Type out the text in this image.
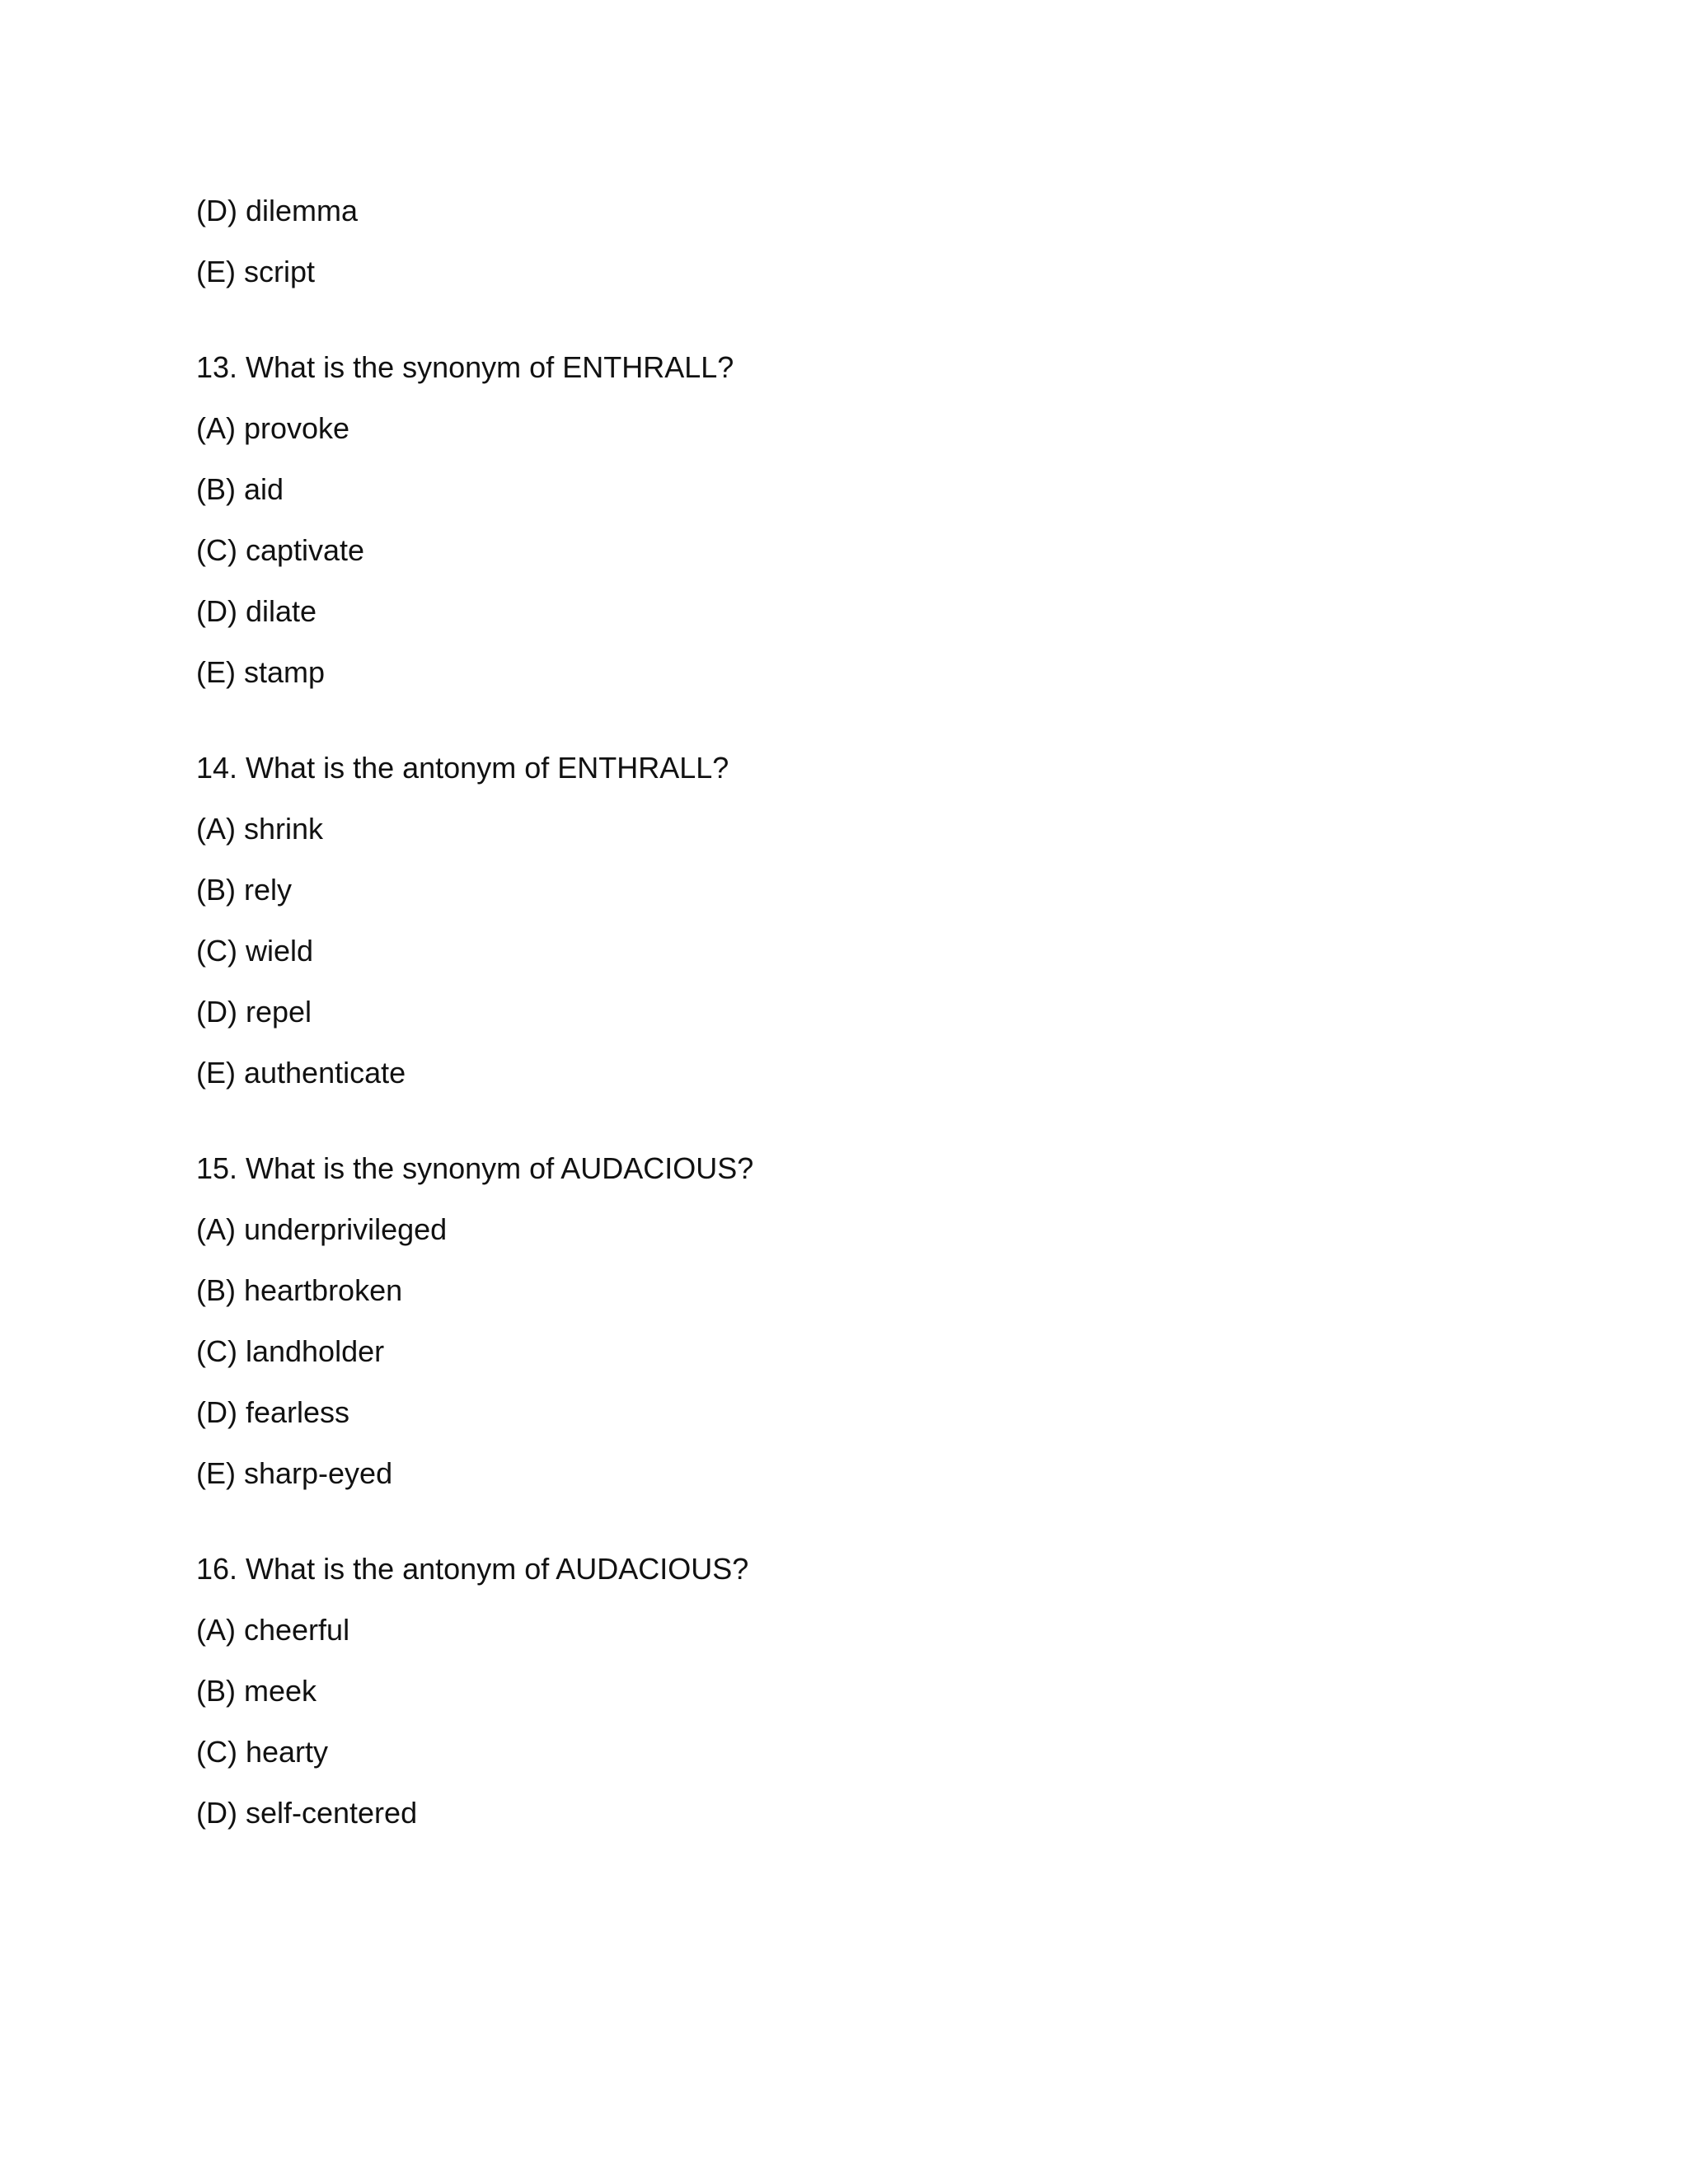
(D) dilemma
(E) script
13. What is the synonym of ENTHRALL?
(A) provoke
(B) aid
(C) captivate
(D) dilate
(E) stamp
14. What is the antonym of ENTHRALL?
(A) shrink
(B) rely
(C) wield
(D) repel
(E) authenticate
15. What is the synonym of AUDACIOUS?
(A) underprivileged
(B) heartbroken
(C) landholder
(D) fearless
(E) sharp-eyed
16. What is the antonym of AUDACIOUS?
(A) cheerful
(B) meek
(C) hearty
(D) self-centered
